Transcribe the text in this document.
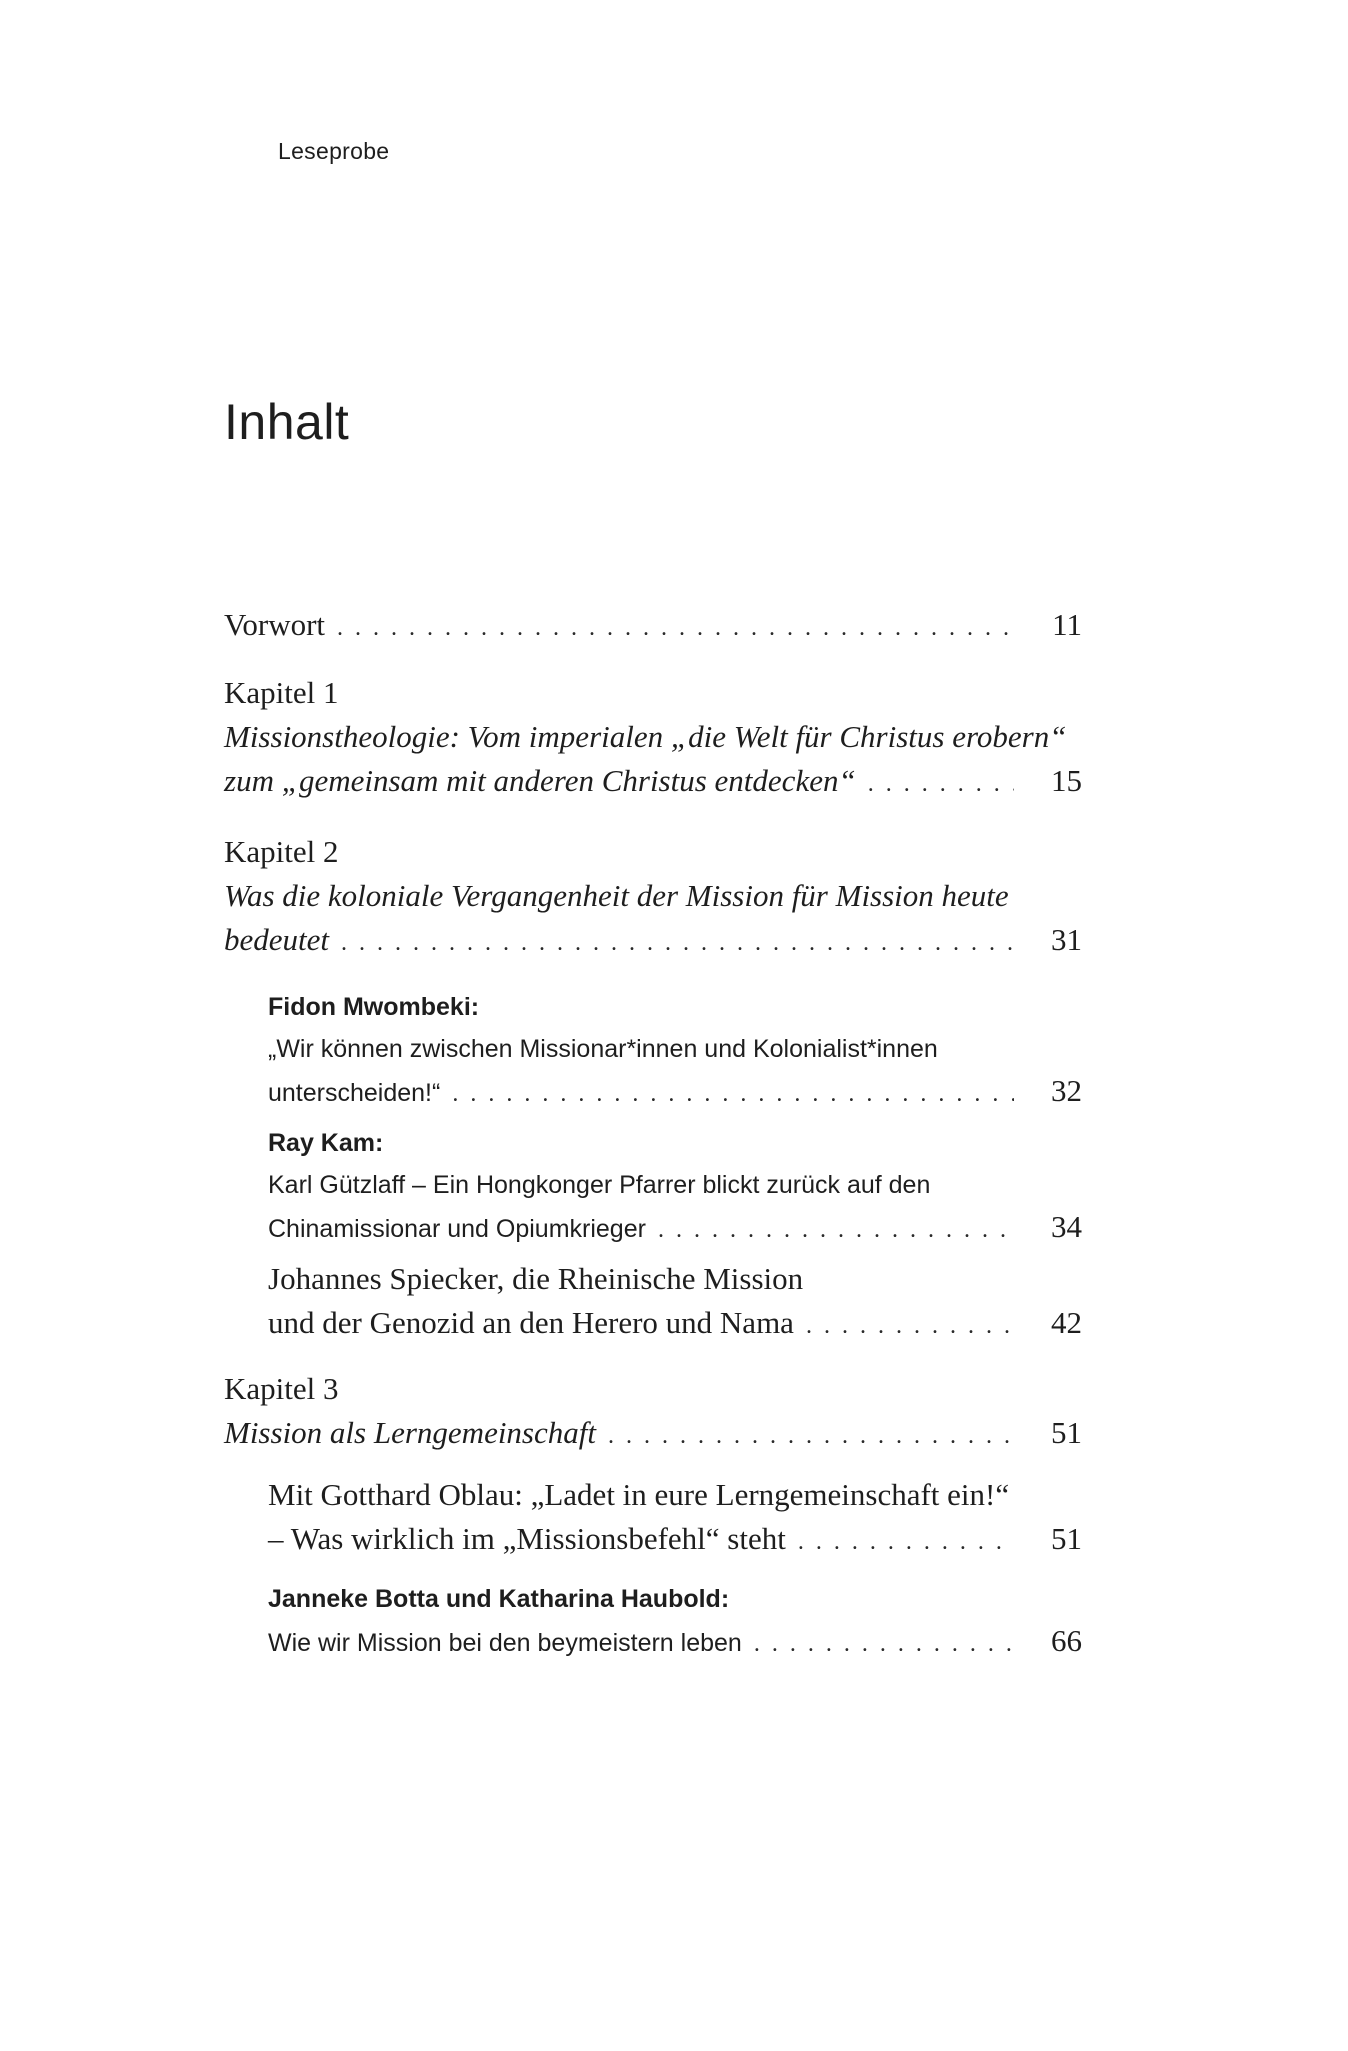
Leseprobe
Inhalt
Vorwort . . .	11
Kapitel 1
Missionstheologie: Vom imperialen „die Welt für Christus erobern“
zum „gemeinsam mit anderen Christus entdecken“ . . .	15
Kapitel 2
Was die koloniale Vergangenheit der Mission für Mission heute
bedeutet . . .	31
Fidon Mwombeki:
„Wir können zwischen Missionar*innen und Kolonialist*innen
unterscheiden!“ . . .	32
Ray Kam:
Karl Gützlaff – Ein Hongkonger Pfarrer blickt zurück auf den
Chinamissionar und Opiumkrieger . . .	34
Johannes Spiecker, die Rheinische Mission
und der Genozid an den Herero und Nama . . .	42
Kapitel 3
Mission als Lerngemeinschaft . . .	51
Mit Gotthard Oblau: „Ladet in eure Lerngemeinschaft ein!“
– Was wirklich im „Missionsbefehl“ steht . . .	51
Janneke Botta und Katharina Haubold:
Wie wir Mission bei den beymeistern leben . . .	66
